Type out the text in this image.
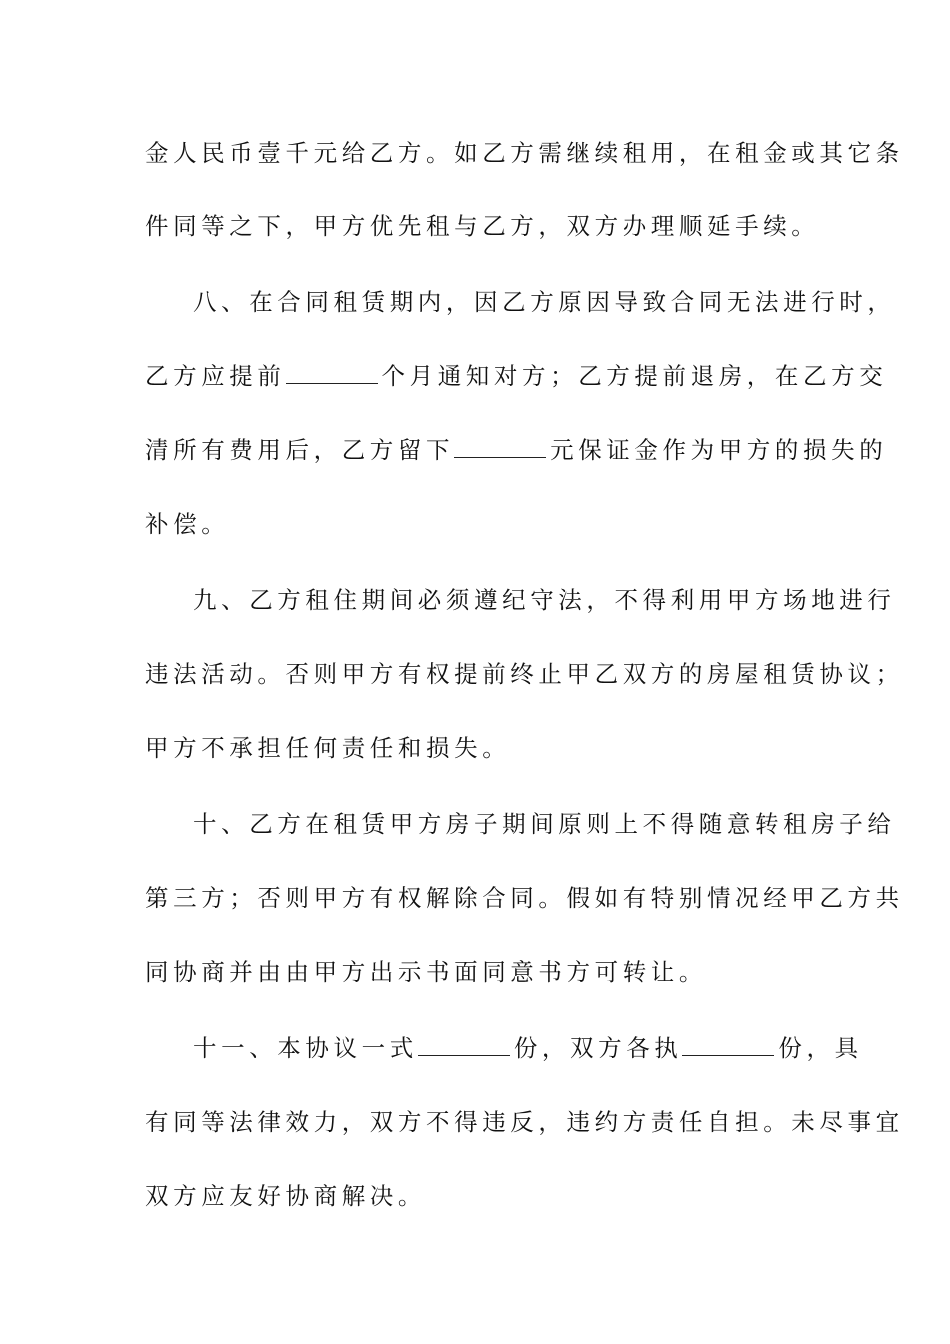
金人民币壹千元给乙方。如乙方需继续租用，在租金或其它条
件同等之下，甲方优先租与乙方，双方办理顺延手续。
八、在合同租赁期内，因乙方原因导致合同无法进行时，
乙方应提前	个月通知对方；乙方提前退房，在乙方交
清所有费用后，乙方留下	元保证金作为甲方的损失的
补偿。
九、乙方租住期间必须遵纪守法，不得利用甲方场地进行
违法活动。否则甲方有权提前终止甲乙双方的房屋租赁协议；
甲方不承担任何责任和损失。
十、乙方在租赁甲方房子期间原则上不得随意转租房子给
第三方；否则甲方有权解除合同。假如有特别情况经甲乙方共
同协商并由由甲方出示书面同意书方可转让。
十一、本协议一式	份，双方各执	份，具
有同等法律效力，双方不得违反，违约方责任自担。未尽事宜
双方应友好协商解决。
